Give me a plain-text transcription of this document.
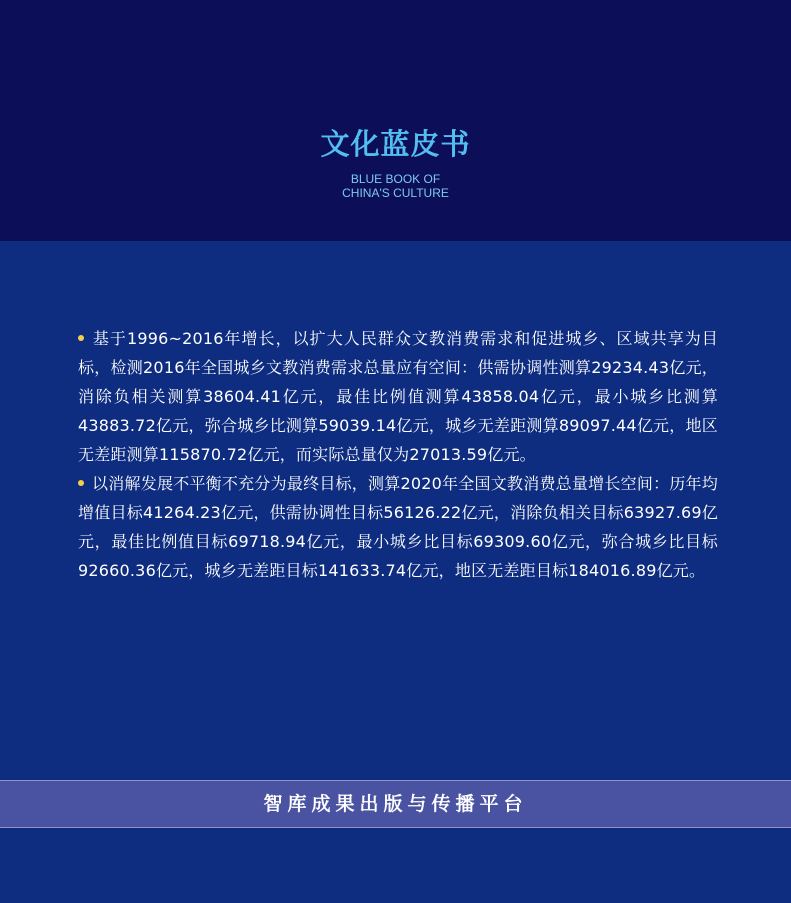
文化蓝皮书
BLUE BOOK OF
CHINA'S CULTURE

基于1996~2016年增长，以扩大人民群众文教消费需求和促进城乡、区域共享为目标，检测2016年全国城乡文教消费需求总量应有空间：供需协调性测算29234.43亿元，消除负相关测算38604.41亿元，最佳比例值测算43858.04亿元，最小城乡比测算43883.72亿元，弥合城乡比测算59039.14亿元，城乡无差距测算89097.44亿元，地区无差距测算115870.72亿元，而实际总量仅为27013.59亿元。

以消解发展不平衡不充分为最终目标，测算2020年全国文教消费总量增长空间：历年均增值目标41264.23亿元，供需协调性目标56126.22亿元，消除负相关目标63927.69亿元，最佳比例值目标69718.94亿元，最小城乡比目标69309.60亿元，弥合城乡比目标92660.36亿元，城乡无差距目标141633.74亿元，地区无差距目标184016.89亿元。

智库成果出版与传播平台
